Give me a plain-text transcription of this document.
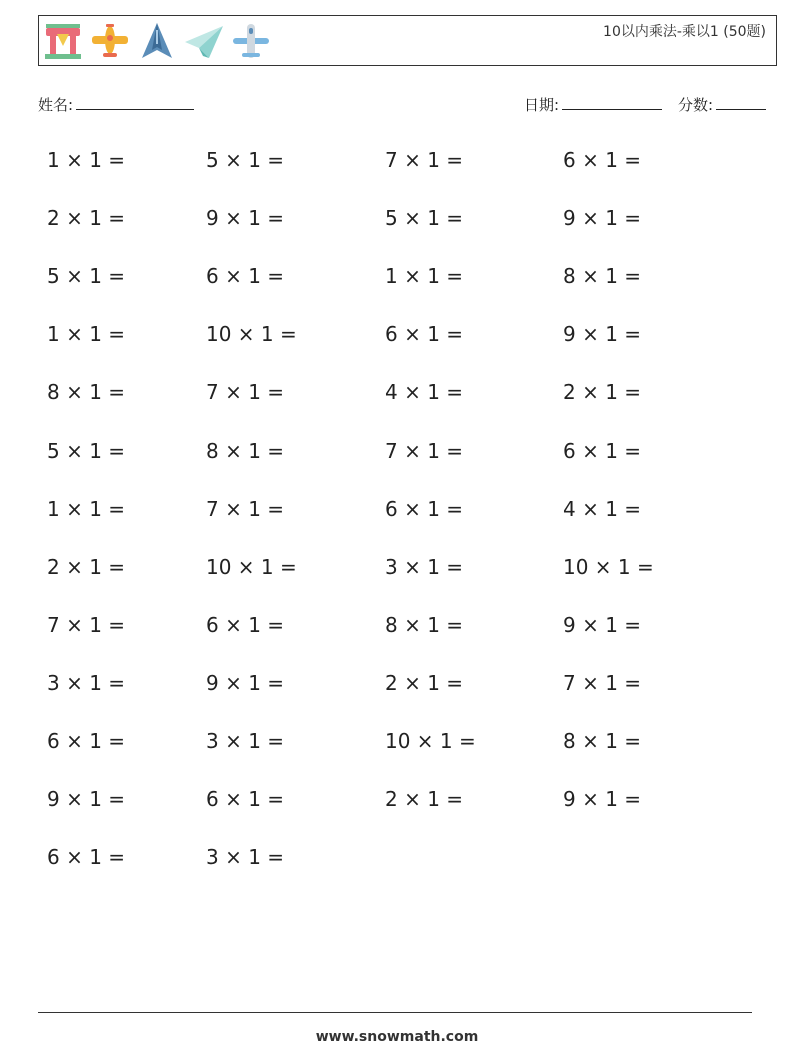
10以内乘法-乘以1 (50题)
姓名:	日期:	分数:
1 × 1 =	5 × 1 =	7 × 1 =	6 × 1 =
2 × 1 =	9 × 1 =	5 × 1 =	9 × 1 =
5 × 1 =	6 × 1 =	1 × 1 =	8 × 1 =
1 × 1 =	10 × 1 =	6 × 1 =	9 × 1 =
8 × 1 =	7 × 1 =	4 × 1 =	2 × 1 =
5 × 1 =	8 × 1 =	7 × 1 =	6 × 1 =
1 × 1 =	7 × 1 =	6 × 1 =	4 × 1 =
2 × 1 =	10 × 1 =	3 × 1 =	10 × 1 =
7 × 1 =	6 × 1 =	8 × 1 =	9 × 1 =
3 × 1 =	9 × 1 =	2 × 1 =	7 × 1 =
6 × 1 =	3 × 1 =	10 × 1 =	8 × 1 =
9 × 1 =	6 × 1 =	2 × 1 =	9 × 1 =
6 × 1 =	3 × 1 =
www.snowmath.com
